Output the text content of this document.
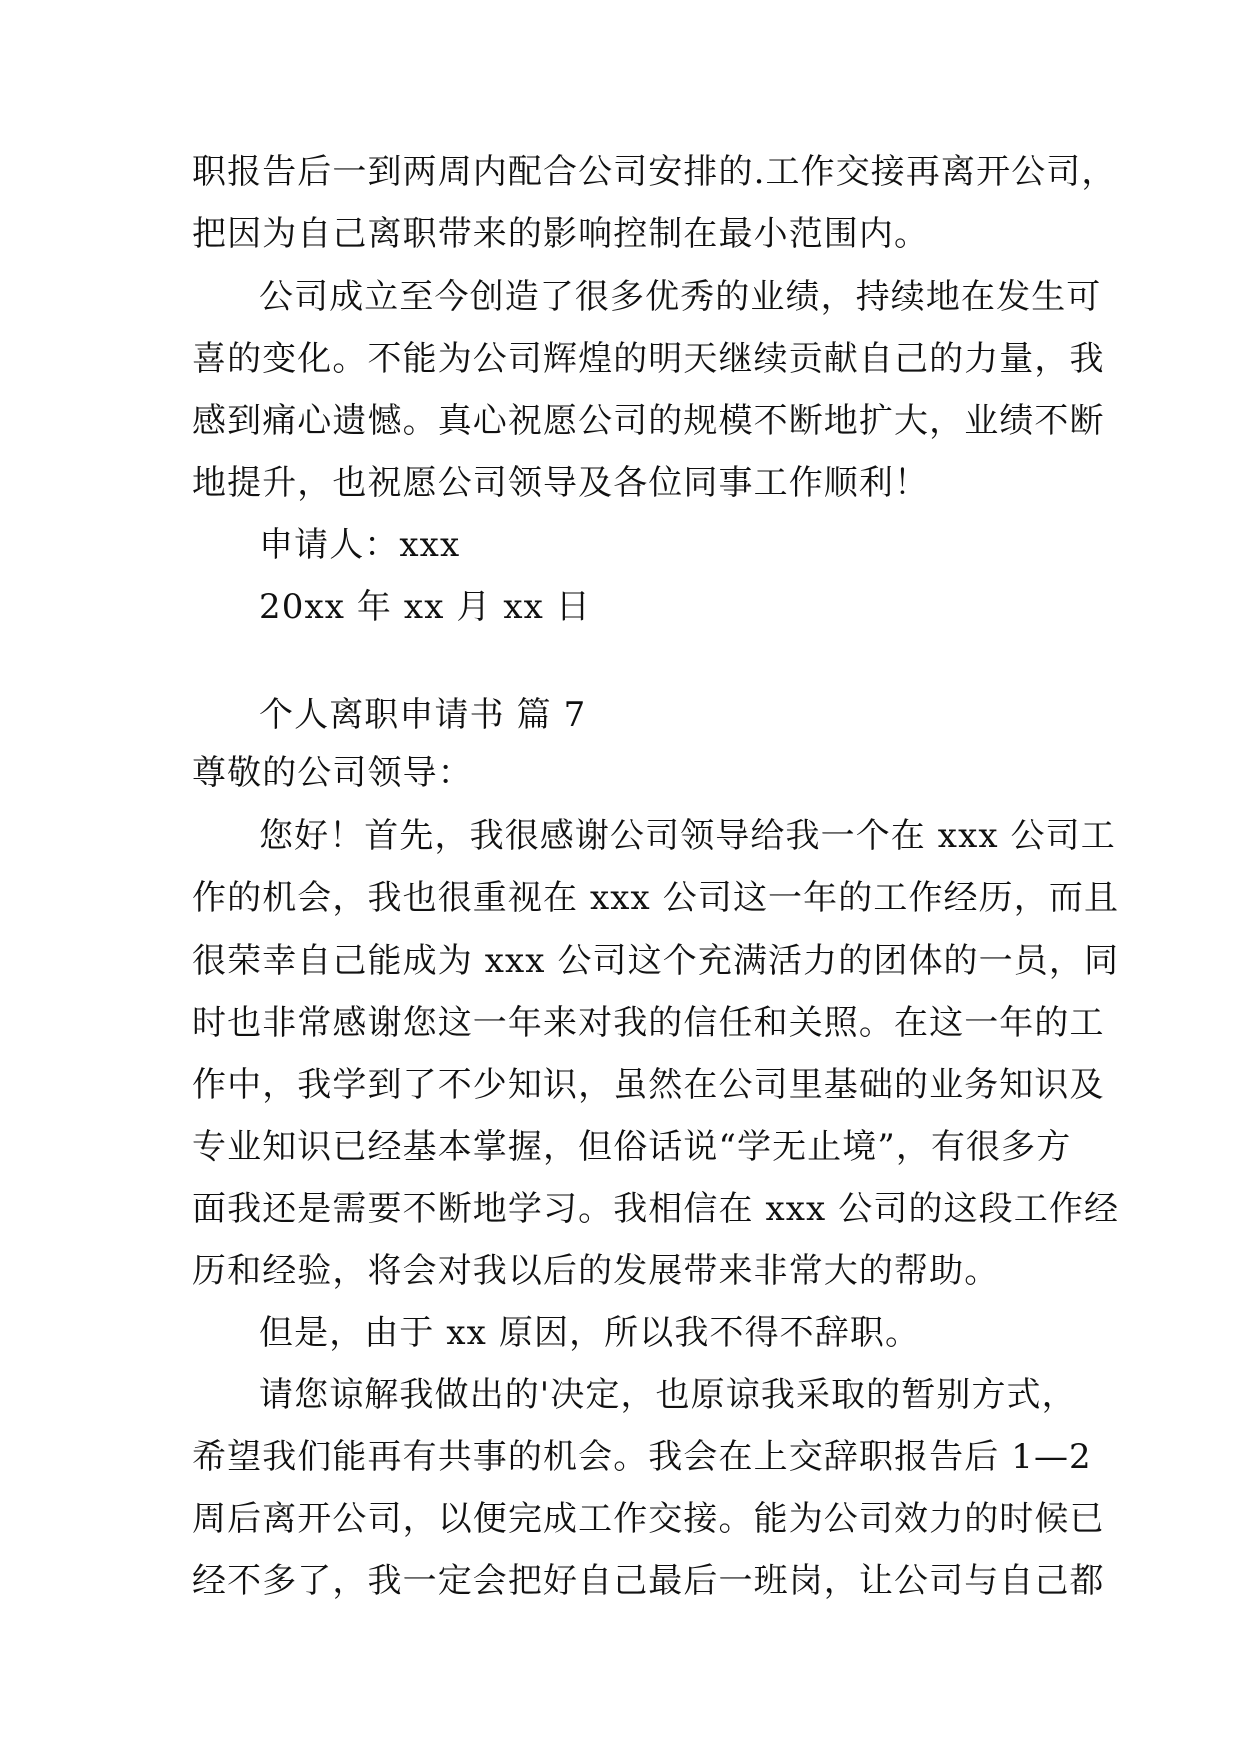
职报告后一到两周内配合公司安排的.工作交接再离开公司，
把因为自己离职带来的影响控制在最小范围内。
公司成立至今创造了很多优秀的业绩，持续地在发生可
喜的变化。不能为公司辉煌的明天继续贡献自己的力量，我
感到痛心遗憾。真心祝愿公司的规模不断地扩大，业绩不断
地提升，也祝愿公司领导及各位同事工作顺利！
申请人：xxx
20xx 年 xx 月 xx 日
个人离职申请书 篇 7
尊敬的公司领导：
您好！首先，我很感谢公司领导给我一个在 xxx 公司工
作的机会，我也很重视在 xxx 公司这一年的工作经历，而且
很荣幸自己能成为 xxx 公司这个充满活力的团体的一员，同
时也非常感谢您这一年来对我的信任和关照。在这一年的工
作中，我学到了不少知识，虽然在公司里基础的业务知识及
专业知识已经基本掌握，但俗话说“学无止境”，有很多方
面我还是需要不断地学习。我相信在 xxx 公司的这段工作经
历和经验，将会对我以后的发展带来非常大的帮助。
但是，由于 xx 原因，所以我不得不辞职。
请您谅解我做出的'决定，也原谅我采取的暂别方式，
希望我们能再有共事的机会。我会在上交辞职报告后 1—2
周后离开公司，以便完成工作交接。能为公司效力的时候已
经不多了，我一定会把好自己最后一班岗，让公司与自己都
